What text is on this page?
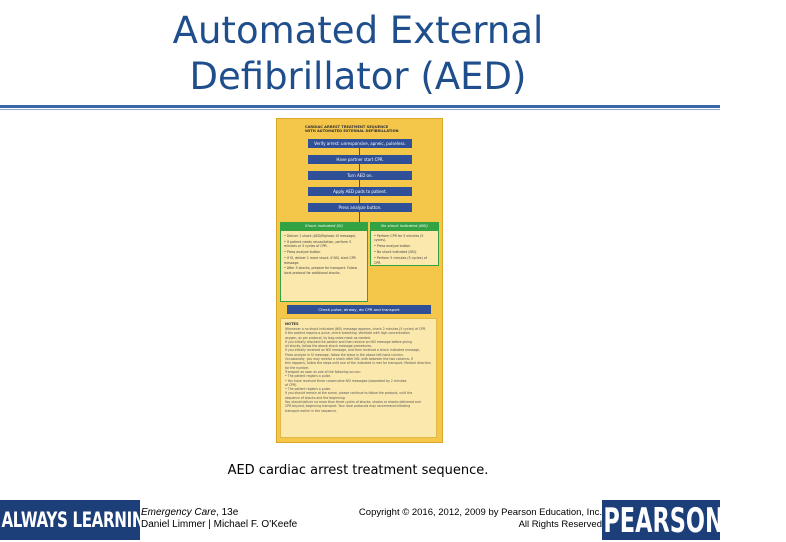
Automated External
Defibrillator (AED)
CARDIAC ARREST TREATMENT SEQUENCE
WITH AUTOMATED EXTERNAL DEFIBRILLATION
Verify arrest: unresponsive, apneic, pulseless.
Have partner start CPR.
Turn AED on.
Apply AED pads to patient.
Press analyze button.
Shock indicated (SI)	No shock indicated (NSI)
• Deliver 1 shock (AED/Biphasic SI message).
• If patient needs resuscitation, perform 5 minutes or 5 cycles of CPR.
• Press analyze button.
• If SI, deliver 1 more shock. If NSI, start CPR message.
• After 3 shocks, prepare for transport. Follow local protocol for additional shocks.
• Perform CPR for 5 minutes (5 cycles).
• Press analyze button.
• No shock indicated (NSI).
• Perform 5 minutes (5 cycles) of CPR.
Check pulse, airway, do CPR and transport
NOTES
Whenever a no shock indicated (NSI) message appears, check 2 minutes (5 cycles) of CPR.
If the patient regains a pulse, check breathing. Ventilate with high concentration
oxygen, as per protocol, by bag-valve-mask as needed.
If you initially shocked the patient and then receive an NSI message before giving
all shocks, follow the above shock message procedures.
If you initially received an NSI message, and then received a shock indicated message,
Press analyze in SI message, follow the steps in the above left-hand column.
Occasionally, you may receive a shock after NSI. with between the two columns. If
this happens, follow the steps until one of the indicated is met for transport. Medical direction
for the number.
Transport as soon as one of the following occurs:
• The patient regains a pulse.
• You have received three consecutive NSI messages (separated by 2 minutes
of CPR).
• The patient regains a pulse.
If you should remain at the scene, please continue to follow the protocol, until the
sequence of shocks and the beginning.
You should deliver no more than three cycles of shocks; shocks or shocks delivered and
CPR beyond, beginning transport. Your local protocols may recommend initiating
transport earlier in the sequence.
AED cardiac arrest treatment sequence.
ALWAYS LEARNING
Emergency Care, 13e
Daniel Limmer | Michael F. O'Keefe
Copyright © 2016, 2012, 2009 by Pearson Education, Inc.
All Rights Reserved PEARSON
